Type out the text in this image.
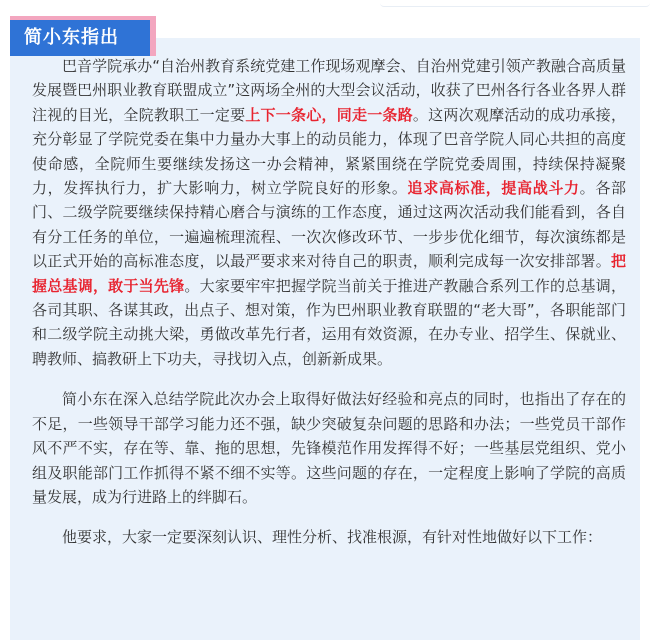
巴音学院承办“自治州教育系统党建工作现场观摩会、自治州党建引领产教融合高质量发展暨巴州职业教育联盟成立”这两场全州的大型会议活动，收获了巴州各行各业各界人群注视的目光，全院教职工一定要上下一条心，同走一条路。这两次观摩活动的成功承接，充分彰显了学院党委在集中力量办大事上的动员能力，体现了巴音学院人同心共担的高度使命感，全院师生要继续发扬这一办会精神，紧紧围绕在学院党委周围，持续保持凝聚力，发挥执行力，扩大影响力，树立学院良好的形象。追求高标准，提高战斗力。各部门、二级学院要继续保持精心磨合与演练的工作态度，通过这两次活动我们能看到，各自有分工任务的单位，一遍遍梳理流程、一次次修改环节、一步步优化细节，每次演练都是以正式开始的高标准态度，以最严要求来对待自己的职责，顺利完成每一次安排部署。把握总基调，敢于当先锋。大家要牢牢把握学院当前关于推进产教融合系列工作的总基调，各司其职、各谋其政，出点子、想对策，作为巴州职业教育联盟的“老大哥”，各职能部门和二级学院主动挑大梁，勇做改革先行者，运用有效资源，在办专业、招学生、保就业、聘教师、搞教研上下功夫，寻找切入点，创新新成果。

简小东在深入总结学院此次办会上取得好做法好经验和亮点的同时，也指出了存在的不足，一些领导干部学习能力还不强，缺少突破复杂问题的思路和办法；一些党员干部作风不严不实，存在等、靠、拖的思想，先锋模范作用发挥得不好；一些基层党组织、党小组及职能部门工作抓得不紧不细不实等。这些问题的存在，一定程度上影响了学院的高质量发展，成为行进路上的绊脚石。

他要求，大家一定要深刻认识、理性分析、找准根源，有针对性地做好以下工作：

简小东指出
